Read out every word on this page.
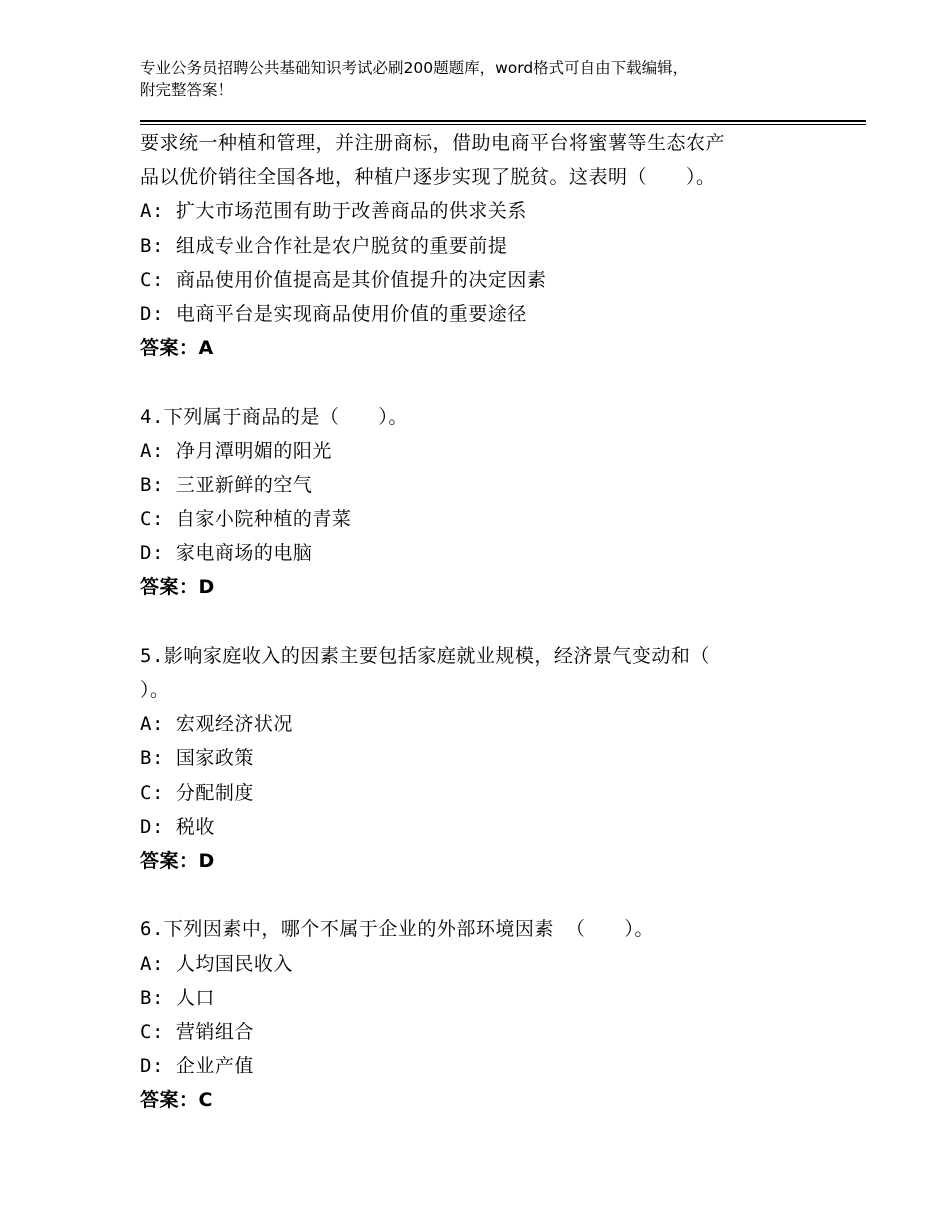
专业公务员招聘公共基础知识考试必刷200题题库，word格式可自由下载编辑，
附完整答案！
要求统一种植和管理，并注册商标，借助电商平台将蜜薯等生态农产
品以优价销往全国各地，种植户逐步实现了脱贫。这表明（　　）。
A: 扩大市场范围有助于改善商品的供求关系
B: 组成专业合作社是农户脱贫的重要前提
C: 商品使用价值提高是其价值提升的决定因素
D: 电商平台是实现商品使用价值的重要途径
答案：A
4.下列属于商品的是（　　）。
A: 净月潭明媚的阳光
B: 三亚新鲜的空气
C: 自家小院种植的青菜
D: 家电商场的电脑
答案：D
5.影响家庭收入的因素主要包括家庭就业规模，经济景气变动和（
）。
A: 宏观经济状况
B: 国家政策
C: 分配制度
D: 税收
答案：D
6.下列因素中，哪个不属于企业的外部环境因素 （　　）。
A: 人均国民收入
B: 人口
C: 营销组合
D: 企业产值
答案：C
